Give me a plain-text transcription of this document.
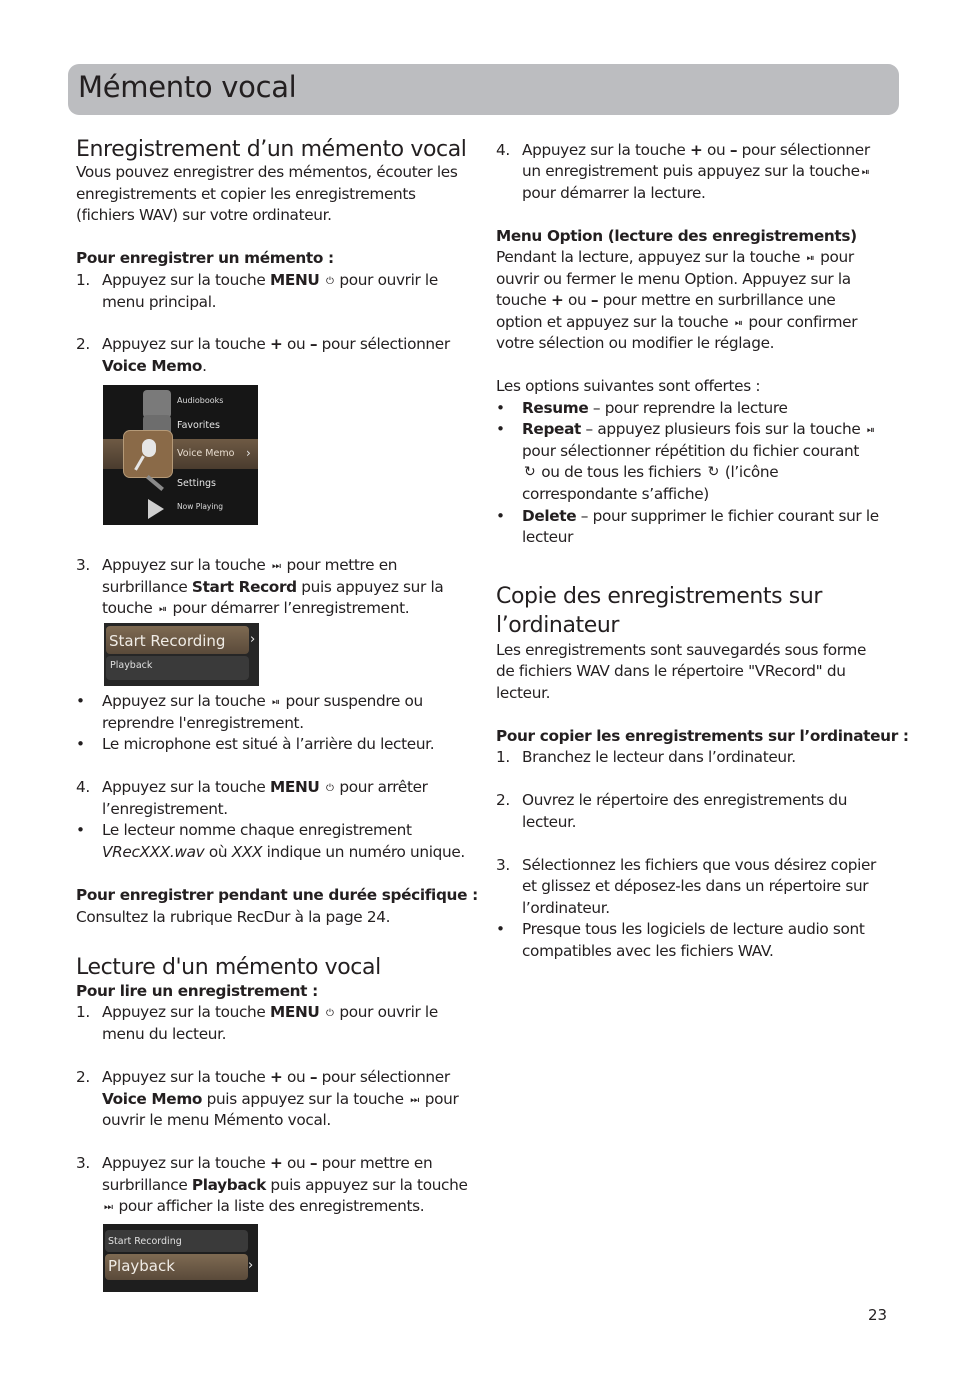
Mémento vocal
Enregistrement d’un mémento vocal

Vous pouvez enregistrer des mémentos, écouter les

enregistrements et copier les enregistrements

(fichiers WAV) sur votre ordinateur.

Pour enregistrer un mémento :

1. Appuyez sur la touche MENU ⏻ pour ouvrir le

menu principal.

2. Appuyez sur la touche + ou – pour sélectionner

Voice Memo.

Audiobooks
Favorites
Voice Memo ›
Settings
Now Playing

3. Appuyez sur la touche ⏭ pour mettre en

surbrillance Start Record puis appuyez sur la

touche ⏯ pour démarrer l’enregistrement.

Start Recording ›
Playback

• Appuyez sur la touche ⏯ pour suspendre ou

reprendre l'enregistrement.

• Le microphone est situé à l’arrière du lecteur.

4. Appuyez sur la touche MENU ⏻ pour arrêter

l’enregistrement.

• Le lecteur nomme chaque enregistrement

VRecXXX.wav où XXX indique un numéro unique.

Pour enregistrer pendant une durée spécifique :

Consultez la rubrique RecDur à la page 24.

Lecture d'un mémento vocal

Pour lire un enregistrement :

1. Appuyez sur la touche MENU ⏻ pour ouvrir le

menu du lecteur.

2. Appuyez sur la touche + ou – pour sélectionner

Voice Memo puis appuyez sur la touche ⏭ pour

ouvrir le menu Mémento vocal.

3. Appuyez sur la touche + ou – pour mettre en

surbrillance Playback puis appuyez sur la touche

⏭ pour afficher la liste des enregistrements.

Start Recording
Playback	›

4. Appuyez sur la touche + ou – pour sélectionner

un enregistrement puis appuyez sur la touche ⏯

pour démarrer la lecture.

Menu Option (lecture des enregistrements)

Pendant la lecture, appuyez sur la touche ⏯ pour

ouvrir ou fermer le menu Option. Appuyez sur la

touche + ou – pour mettre en surbrillance une

option et appuyez sur la touche ⏯ pour confirmer

votre sélection ou modifier le réglage.

Les options suivantes sont offertes :

• Resume – pour reprendre la lecture

• Repeat – appuyez plusieurs fois sur la touche ⏯

pour sélectionner répétition du fichier courant

↻ ou de tous les fichiers ↻ (l’icône

correspondante s’affiche)

• Delete – pour supprimer le fichier courant sur le

lecteur

Copie des enregistrements sur
l’ordinateur

Les enregistrements sont sauvegardés sous forme

de fichiers WAV dans le répertoire "VRecord" du

lecteur.

Pour copier les enregistrements sur l’ordinateur :

1. Branchez le lecteur dans l’ordinateur.

2. Ouvrez le répertoire des enregistrements du

lecteur.

3. Sélectionnez les fichiers que vous désirez copier

et glissez et déposez-les dans un répertoire sur

l’ordinateur.

• Presque tous les logiciels de lecture audio sont

compatibles avec les fichiers WAV.

23
